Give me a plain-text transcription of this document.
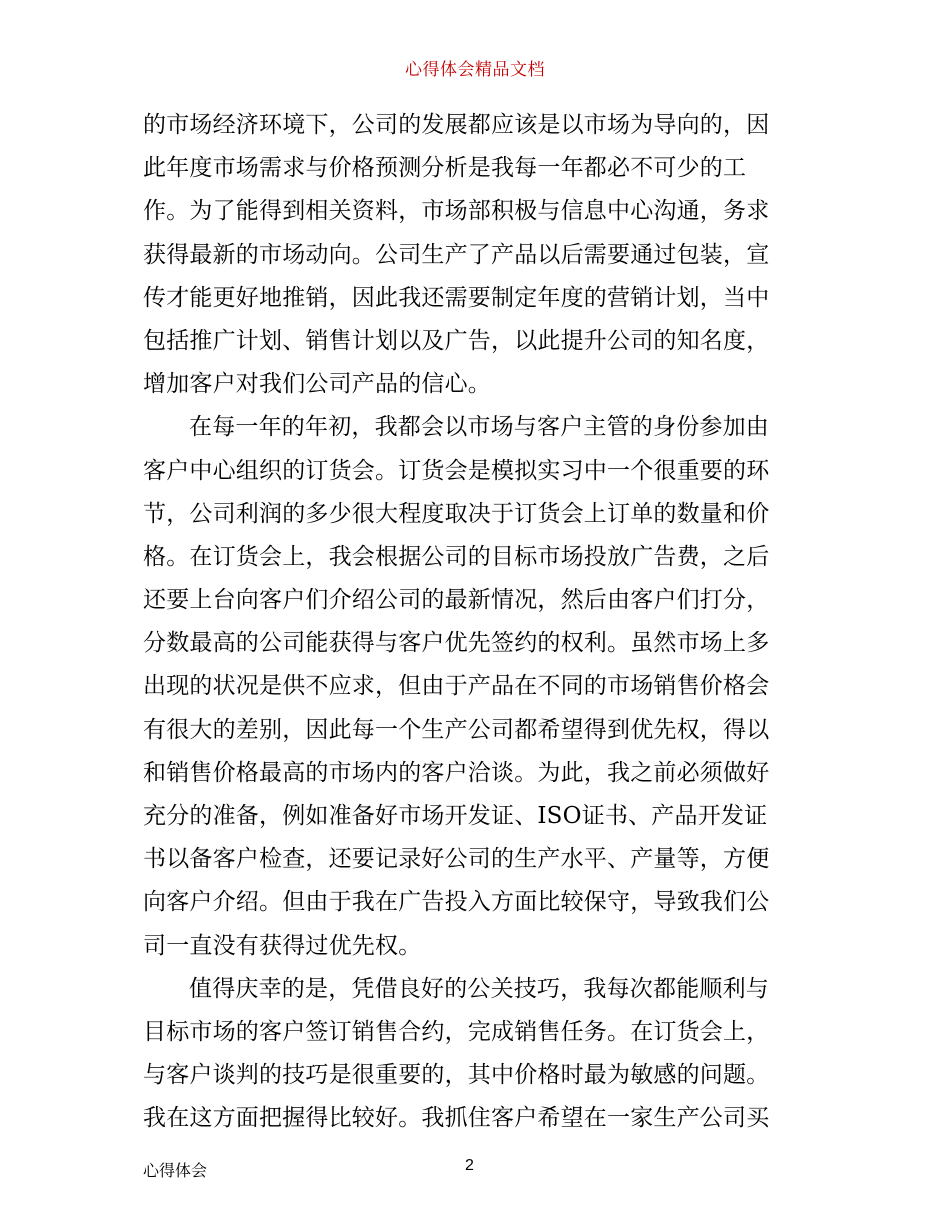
心得体会精品文档
的市场经济环境下，公司的发展都应该是以市场为导向的，因
此年度市场需求与价格预测分析是我每一年都必不可少的工
作。为了能得到相关资料，市场部积极与信息中心沟通，务求
获得最新的市场动向。公司生产了产品以后需要通过包装，宣
传才能更好地推销，因此我还需要制定年度的营销计划，当中
包括推广计划、销售计划以及广告，以此提升公司的知名度，
增加客户对我们公司产品的信心。
在每一年的年初，我都会以市场与客户主管的身份参加由
客户中心组织的订货会。订货会是模拟实习中一个很重要的环
节，公司利润的多少很大程度取决于订货会上订单的数量和价
格。在订货会上，我会根据公司的目标市场投放广告费，之后
还要上台向客户们介绍公司的最新情况，然后由客户们打分，
分数最高的公司能获得与客户优先签约的权利。虽然市场上多
出现的状况是供不应求，但由于产品在不同的市场销售价格会
有很大的差别，因此每一个生产公司都希望得到优先权，得以
和销售价格最高的市场内的客户洽谈。为此，我之前必须做好
充分的准备，例如准备好市场开发证、ISO证书、产品开发证
书以备客户检查，还要记录好公司的生产水平、产量等，方便
向客户介绍。但由于我在广告投入方面比较保守，导致我们公
司一直没有获得过优先权。
值得庆幸的是，凭借良好的公关技巧，我每次都能顺利与
目标市场的客户签订销售合约，完成销售任务。在订货会上，
与客户谈判的技巧是很重要的，其中价格时最为敏感的问题。
我在这方面把握得比较好。我抓住客户希望在一家生产公司买
心得体会	2
